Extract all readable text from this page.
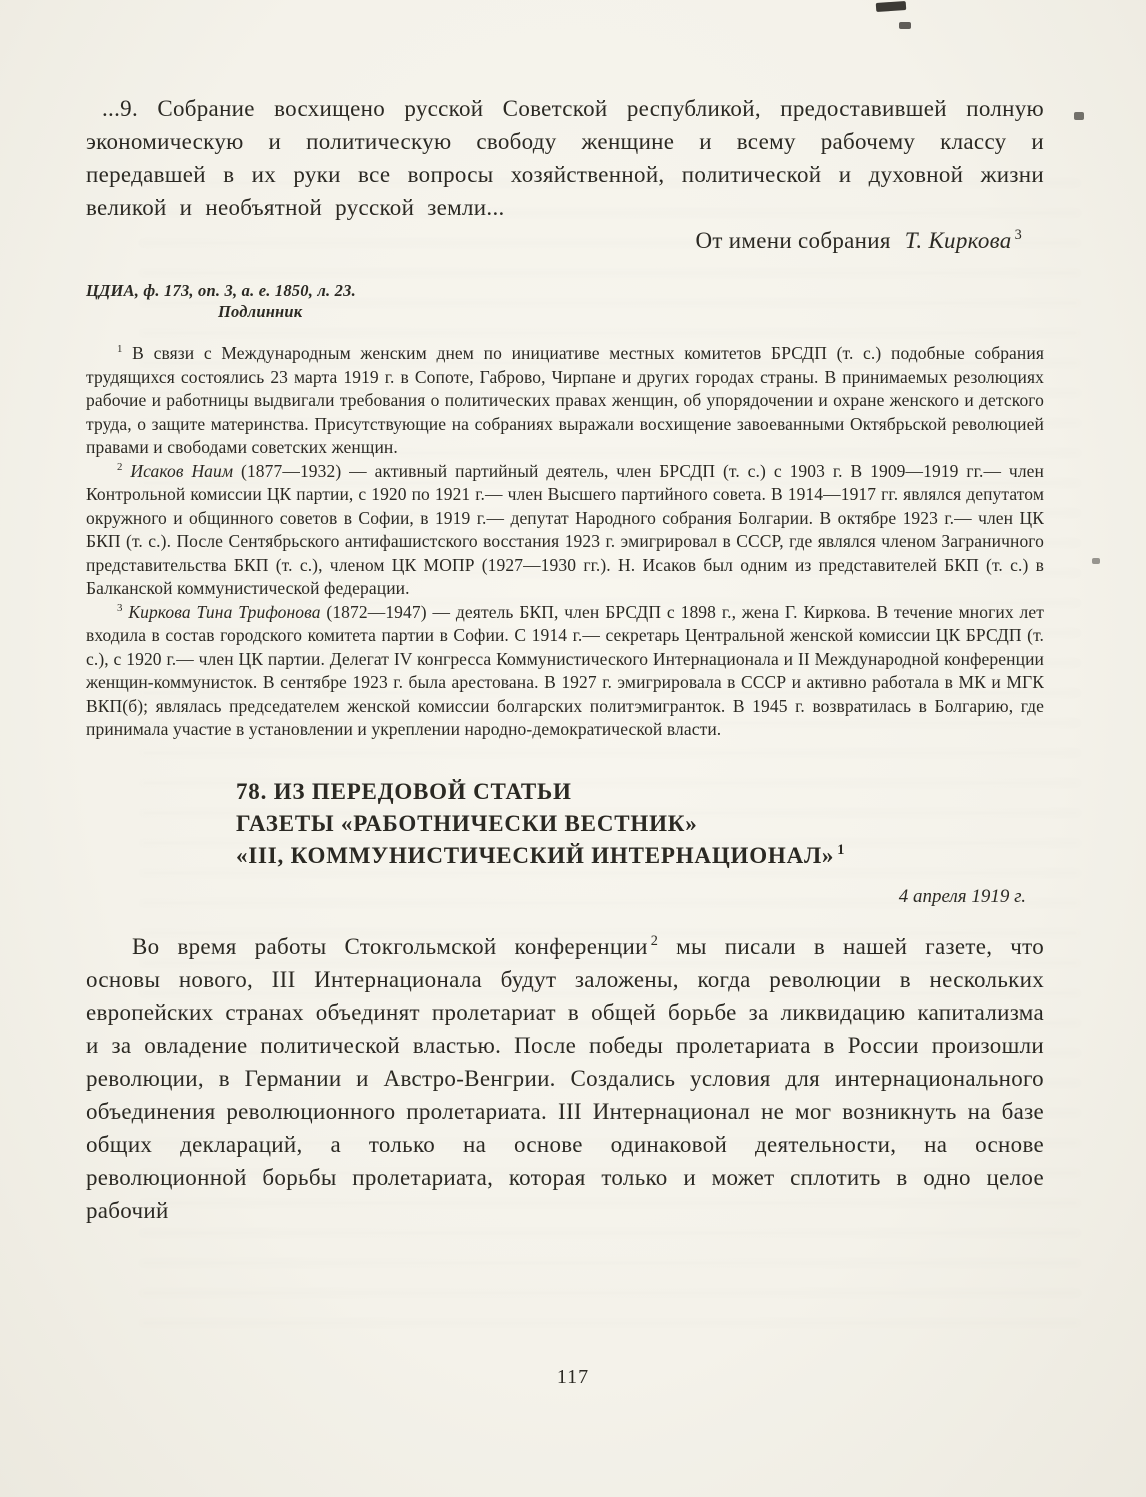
...9. Собрание восхищено русской Советской республикой, предоставившей полную экономическую и политическую свободу женщине и всему рабочему классу и передавшей в их руки все вопросы хозяйственной, политической и духовной жизни великой и необъятной русской земли...

От имени собрания Т. Киркова $^3$

ЦДИА, ф. 173, оп. 3, а. е. 1850, л. 23.
Подлинник

$^1$ В связи с Международным женским днем по инициативе местных комитетов БРСДП (т. с.) подобные собрания трудящихся состоялись 23 марта 1919 г. в Сопоте, Габрово, Чирпане и других городах страны. В принимаемых резолюциях рабочие и работницы выдвигали требования о политических правах женщин, об упорядочении и охране женского и детского труда, о защите материнства. Присутствующие на собраниях выражали восхищение завоеванными Октябрьской революцией правами и свободами советских женщин.

$^2$ Исаков Наим (1877—1932) — активный партийный деятель, член БРСДП (т. с.) с 1903 г. В 1909—1919 гг.— член Контрольной комиссии ЦК партии, с 1920 по 1921 г.— член Высшего партийного совета. В 1914—1917 гг. являлся депутатом окружного и общинного советов в Софии, в 1919 г.— депутат Народного собрания Болгарии. В октябре 1923 г.— член ЦК БКП (т. с.). После Сентябрьского антифашистского восстания 1923 г. эмигрировал в СССР, где являлся членом Заграничного представительства БКП (т. с.), членом ЦК МОПР (1927—1930 гг.). Н. Исаков был одним из представителей БКП (т. с.) в Балканской коммунистической федерации.

$^3$ Киркова Тина Трифонова (1872—1947) — деятель БКП, член БРСДП с 1898 г., жена Г. Киркова. В течение многих лет входила в состав городского комитета партии в Софии. С 1914 г.— секретарь Центральной женской комиссии ЦК БРСДП (т. с.), с 1920 г.— член ЦК партии. Делегат IV конгресса Коммунистического Интернационала и II Международной конференции женщин-коммунисток. В сентябре 1923 г. была арестована. В 1927 г. эмигрировала в СССР и активно работала в МК и МГК ВКП(б); являлась председателем женской комиссии болгарских политэмигранток. В 1945 г. возвратилась в Болгарию, где принимала участие в установлении и укреплении народно-демократической власти.

78. ИЗ ПЕРЕДОВОЙ СТАТЬИ
ГАЗЕТЫ «РАБОТНИЧЕСКИ ВЕСТНИК»
«III, КОММУНИСТИЧЕСКИЙ ИНТЕРНАЦИОНАЛ» $^1$

4 апреля 1919 г.

Во время работы Стокгольмской конференции $^2$ мы писали в нашей газете, что основы нового, III Интернационала будут заложены, когда революции в нескольких европейских странах объединят пролетариат в общей борьбе за ликвидацию капитализма и за овладение политической властью. После победы пролетариата в России произошли революции, в Германии и Австро-Венгрии. Создались условия для интернационального объединения революционного пролетариата. III Интернационал не мог возникнуть на базе общих деклараций, а только на основе одинаковой деятельности, на основе революционной борьбы пролетариата, которая только и может сплотить в одно целое рабочий

117
